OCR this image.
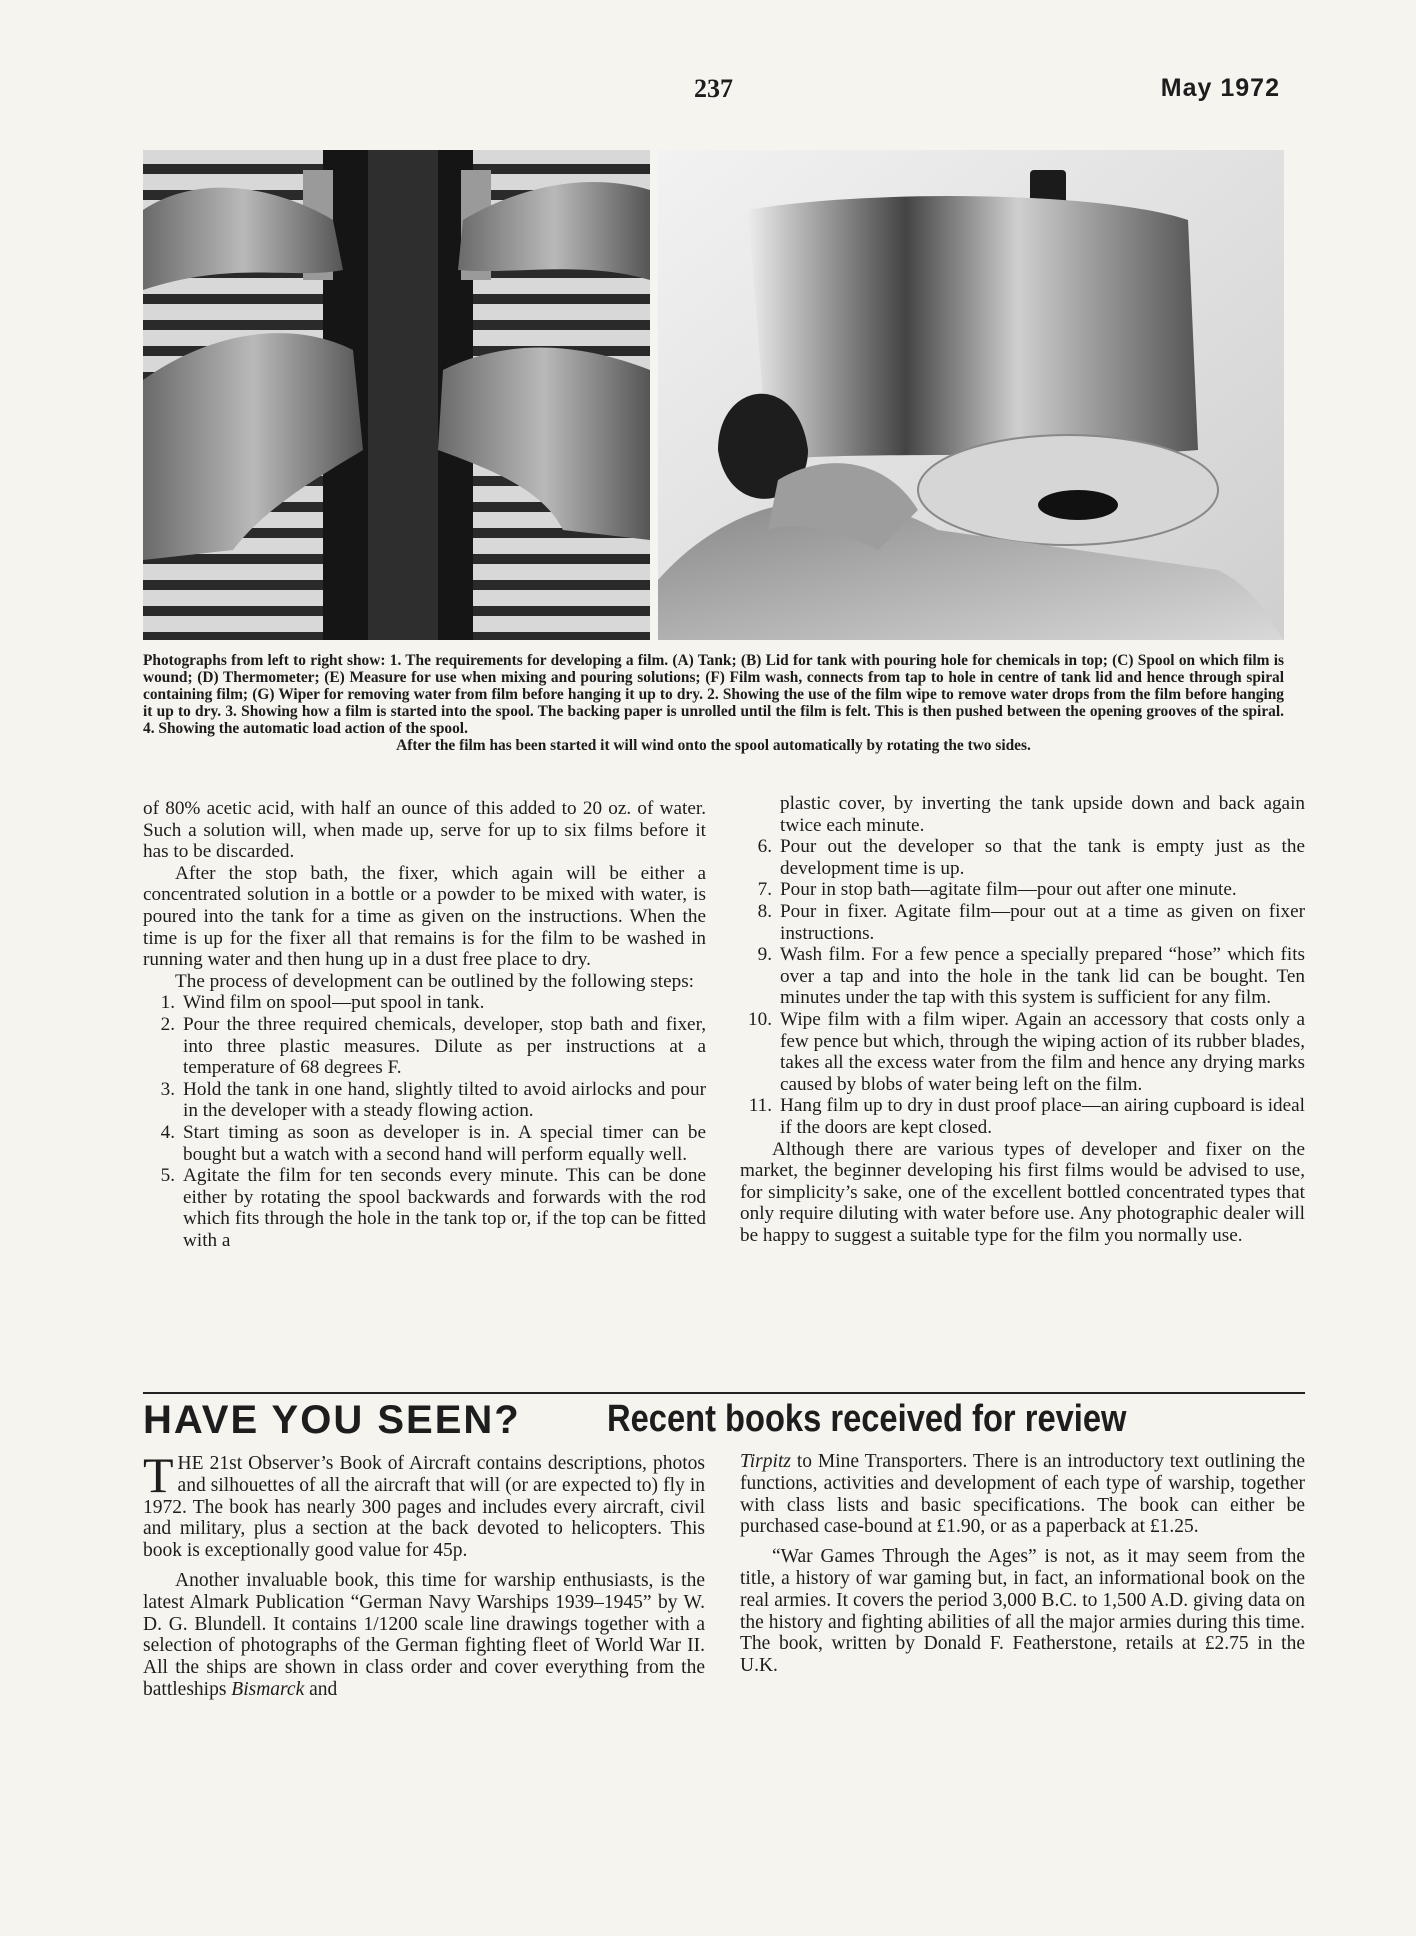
237	May 1972
Photographs from left to right show: 1. The requirements for developing a film. (A) Tank; (B) Lid for tank with pouring hole for chemicals in top; (C) Spool on which film is wound; (D) Thermometer; (E) Measure for use when mixing and pouring solutions; (F) Film wash, connects from tap to hole in centre of tank lid and hence through spiral containing film; (G) Wiper for removing water from film before hanging it up to dry. 2. Showing the use of the film wipe to remove water drops from the film before hanging it up to dry. 3. Showing how a film is started into the spool. The backing paper is unrolled until the film is felt. This is then pushed between the opening grooves of the spiral. 4. Showing the automatic load action of the spool.
After the film has been started it will wind onto the spool automatically by rotating the two sides.

of 80% acetic acid, with half an ounce of this added to 20 oz. of water. Such a solution will, when made up, serve for up to six films before it has to be discarded.

After the stop bath, the fixer, which again will be either a concentrated solution in a bottle or a powder to be mixed with water, is poured into the tank for a time as given on the instructions. When the time is up for the fixer all that remains is for the film to be washed in running water and then hung up in a dust free place to dry.

The process of development can be outlined by the following steps:

1. Wind film on spool—put spool in tank.
2. Pour the three required chemicals, developer, stop bath and fixer, into three plastic measures. Dilute as per instructions at a temperature of 68 degrees F.
3. Hold the tank in one hand, slightly tilted to avoid airlocks and pour in the developer with a steady flowing action.
4. Start timing as soon as developer is in. A special timer can be bought but a watch with a second hand will perform equally well.
5. Agitate the film for ten seconds every minute. This can be done either by rotating the spool backwards and forwards with the rod which fits through the hole in the tank top or, if the top can be fitted with a
plastic cover, by inverting the tank upside down and back again twice each minute.
6. Pour out the developer so that the tank is empty just as the development time is up.
7. Pour in stop bath—agitate film—pour out after one minute.
8. Pour in fixer. Agitate film—pour out at a time as given on fixer instructions.
9. Wash film. For a few pence a specially prepared “hose” which fits over a tap and into the hole in the tank lid can be bought. Ten minutes under the tap with this system is sufficient for any film.
10. Wipe film with a film wiper. Again an accessory that costs only a few pence but which, through the wiping action of its rubber blades, takes all the excess water from the film and hence any drying marks caused by blobs of water being left on the film.
11. Hang film up to dry in dust proof place—an airing cupboard is ideal if the doors are kept closed.

Although there are various types of developer and fixer on the market, the beginner developing his first films would be advised to use, for simplicity’s sake, one of the excellent bottled concentrated types that only require diluting with water before use. Any photographic dealer will be happy to suggest a suitable type for the film you normally use.

HAVE YOU SEEN? Recent books received for review

THE 21st Observer’s Book of Aircraft contains descriptions, photos and silhouettes of all the aircraft that will (or are expected to) fly in 1972. The book has nearly 300 pages and includes every aircraft, civil and military, plus a section at the back devoted to helicopters. This book is exceptionally good value for 45p.

Another invaluable book, this time for warship enthusiasts, is the latest Almark Publication “German Navy Warships 1939–1945” by W. D. G. Blundell. It contains 1/1200 scale line drawings together with a selection of photographs of the German fighting fleet of World War II. All the ships are shown in class order and cover everything from the battleships Bismarck and

Tirpitz to Mine Transporters. There is an introductory text outlining the functions, activities and development of each type of warship, together with class lists and basic specifications. The book can either be purchased case-bound at £1.90, or as a paperback at £1.25.

“War Games Through the Ages” is not, as it may seem from the title, a history of war gaming but, in fact, an informational book on the real armies. It covers the period 3,000 B.C. to 1,500 A.D. giving data on the history and fighting abilities of all the major armies during this time. The book, written by Donald F. Featherstone, retails at £2.75 in the U.K.
